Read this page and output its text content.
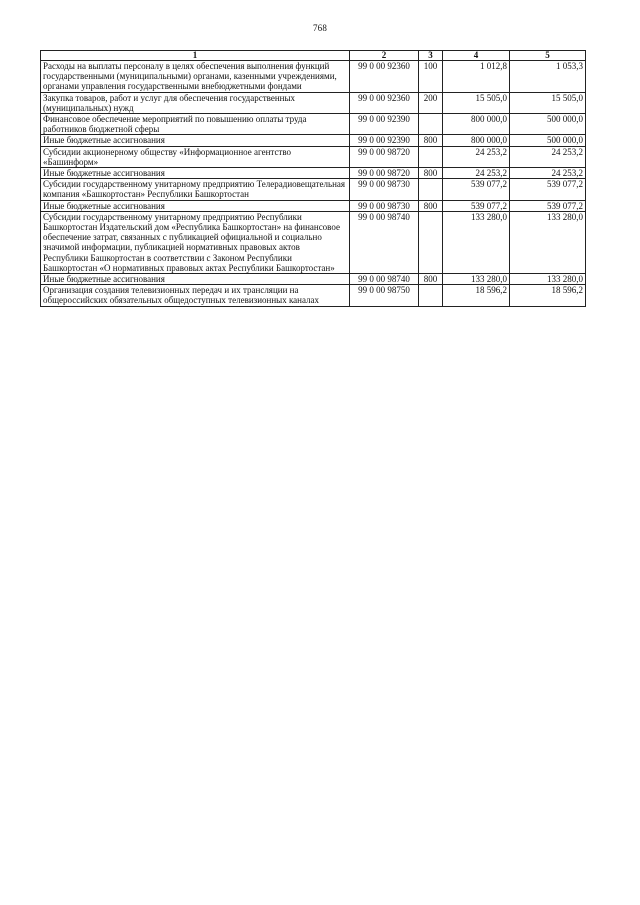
768
1	2	3	4	5
Расходы на выплаты персоналу в целях обеспечения выполнения функций государственными (муниципальными) органами, казенными учреждениями, органами управления государственными внебюджетными фондами	99 0 00 92360	100	1 012,8	1 053,3
Закупка товаров, работ и услуг для обеспечения государственных (муниципальных) нужд	99 0 00 92360	200	15 505,0	15 505,0
Финансовое обеспечение мероприятий по повышению оплаты труда работников бюджетной сферы	99 0 00 92390		800 000,0	500 000,0
Иные бюджетные ассигнования	99 0 00 92390	800	800 000,0	500 000,0
Субсидии акционерному обществу «Информационное агентство «Башинформ»	99 0 00 98720		24 253,2	24 253,2
Иные бюджетные ассигнования	99 0 00 98720	800	24 253,2	24 253,2
Субсидии государственному унитарному предприятию Телерадиовещательная компания «Башкортостан» Республики Башкортостан	99 0 00 98730		539 077,2	539 077,2
Иные бюджетные ассигнования	99 0 00 98730	800	539 077,2	539 077,2
Субсидии государственному унитарному предприятию Республики Башкортостан Издательский дом «Республика Башкортостан» на финансовое обеспечение затрат, связанных с публикацией официальной и социально значимой информации, публикацией нормативных правовых актов Республики Башкортостан в соответствии с Законом Республики Башкортостан «О нормативных правовых актах Республики Башкортостан»	99 0 00 98740		133 280,0	133 280,0
Иные бюджетные ассигнования	99 0 00 98740	800	133 280,0	133 280,0
Организация создания телевизионных передач и их трансляции на общероссийских обязательных общедоступных телевизионных каналах	99 0 00 98750		18 596,2	18 596,2
